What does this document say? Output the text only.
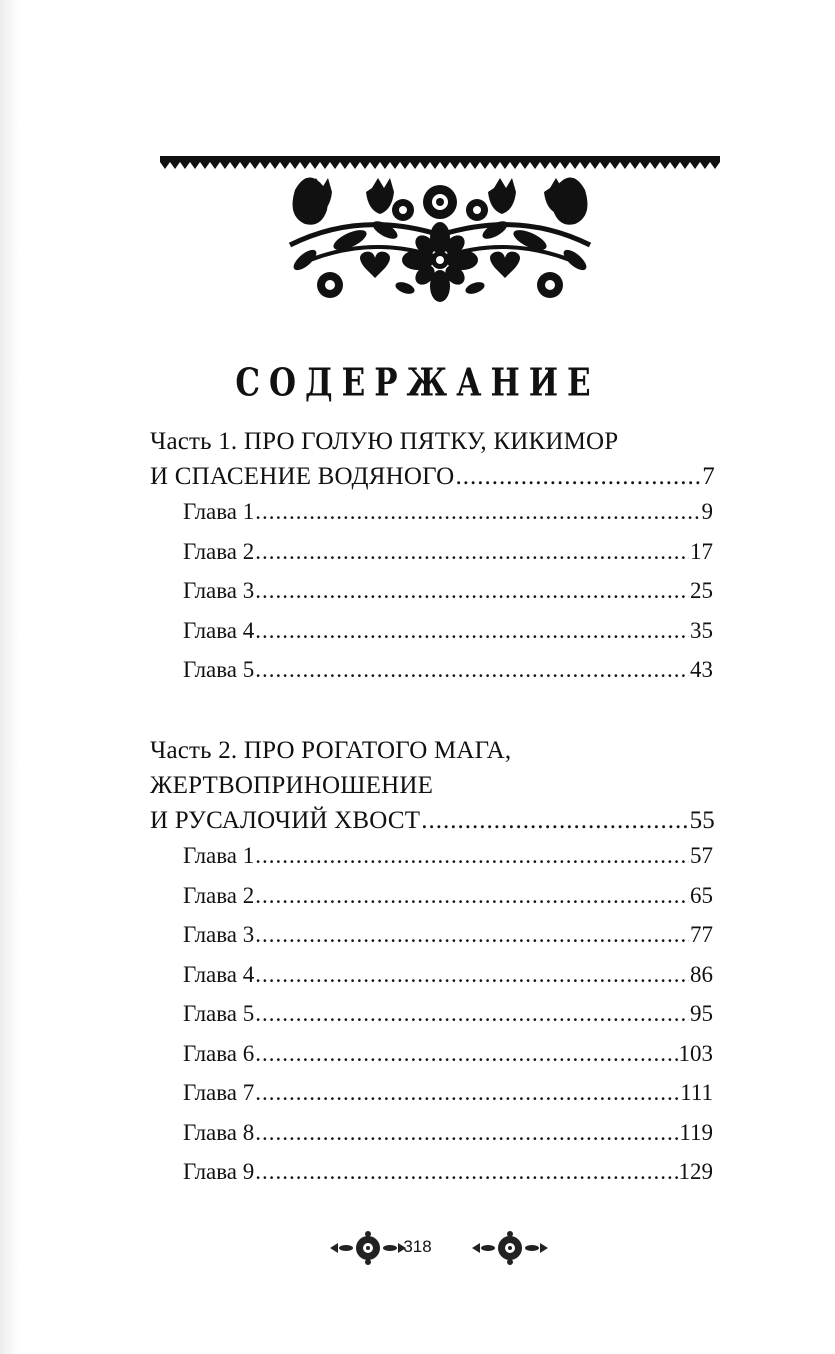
СОДЕРЖАНИЕ
Часть 1. ПРО ГОЛУЮ ПЯТКУ, КИКИМОР
И СПАСЕНИЕ ВОДЯНОГО .....	7
Глава 1 .....	9
Глава 2 .....	17
Глава 3 .....	25
Глава 4 .....	35
Глава 5 .....	43
Часть 2. ПРО РОГАТОГО МАГА,
ЖЕРТВОПРИНОШЕНИЕ
И РУСАЛОЧИЙ ХВОСТ .....	55
Глава 1 .....	57
Глава 2 .....	65
Глава 3 .....	77
Глава 4 .....	86
Глава 5 .....	95
Глава 6 .....	103
Глава 7 .....	111
Глава 8 .....	119
Глава 9 .....	129
318
